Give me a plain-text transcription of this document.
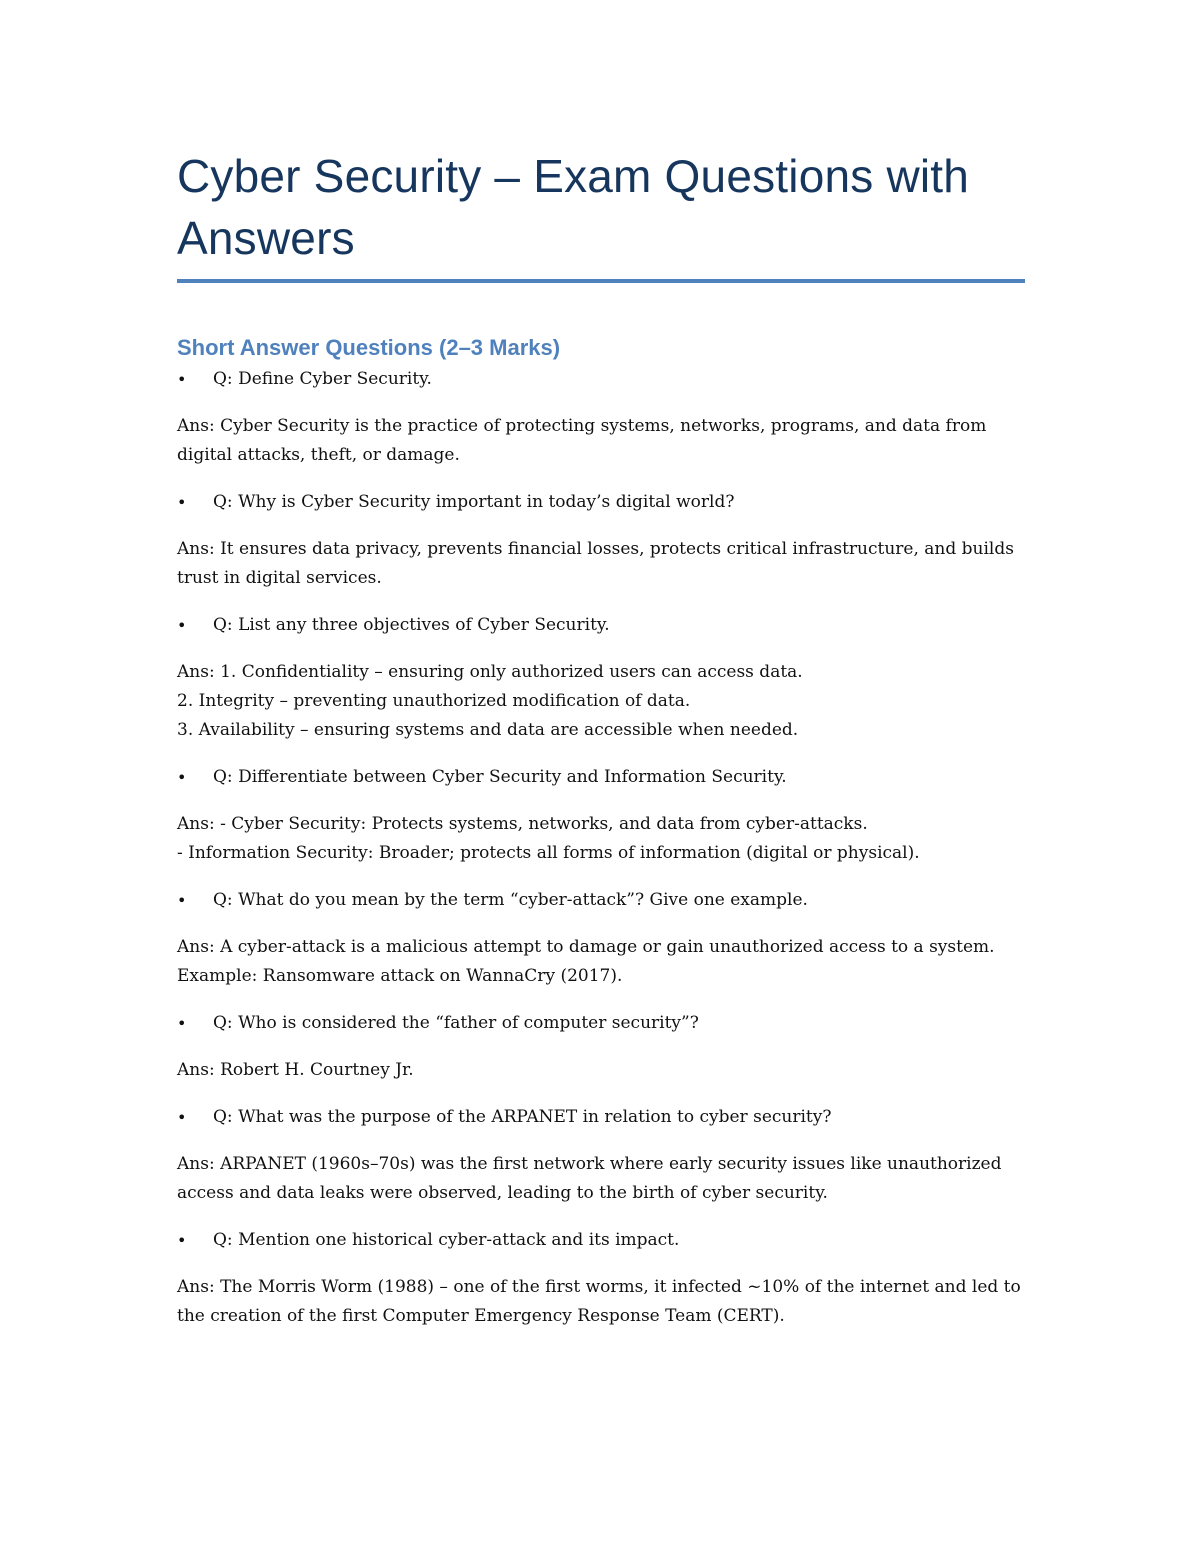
Cyber Security – Exam Questions with Answers
Short Answer Questions (2–3 Marks)
• Q: Define Cyber Security.
Ans: Cyber Security is the practice of protecting systems, networks, programs, and data from digital attacks, theft, or damage.
• Q: Why is Cyber Security important in today’s digital world?
Ans: It ensures data privacy, prevents financial losses, protects critical infrastructure, and builds trust in digital services.
• Q: List any three objectives of Cyber Security.
Ans: 1. Confidentiality – ensuring only authorized users can access data.
2. Integrity – preventing unauthorized modification of data.
3. Availability – ensuring systems and data are accessible when needed.
• Q: Differentiate between Cyber Security and Information Security.
Ans: - Cyber Security: Protects systems, networks, and data from cyber-attacks.
- Information Security: Broader; protects all forms of information (digital or physical).
• Q: What do you mean by the term “cyber-attack”? Give one example.
Ans: A cyber-attack is a malicious attempt to damage or gain unauthorized access to a system.
Example: Ransomware attack on WannaCry (2017).
• Q: Who is considered the “father of computer security”?
Ans: Robert H. Courtney Jr.
• Q: What was the purpose of the ARPANET in relation to cyber security?
Ans: ARPANET (1960s–70s) was the first network where early security issues like unauthorized access and data leaks were observed, leading to the birth of cyber security.
• Q: Mention one historical cyber-attack and its impact.
Ans: The Morris Worm (1988) – one of the first worms, it infected ~10% of the internet and led to the creation of the first Computer Emergency Response Team (CERT).
